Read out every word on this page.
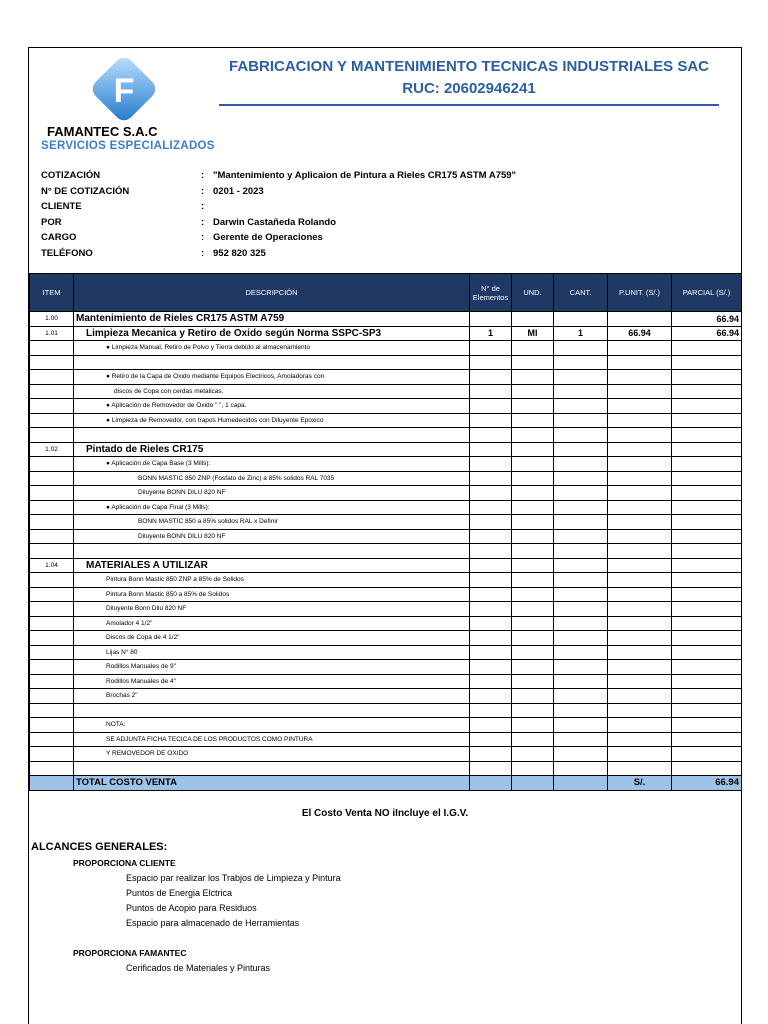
F
FAMANTEC S.A.C
SERVICIOS ESPECIALIZADOS
FABRICACION Y MANTENIMIENTO TECNICAS INDUSTRIALES SAC
RUC: 20602946241
COTIZACIÓN	: "Mantenimiento y Aplicaion de Pintura a Rieles CR175 ASTM A759"
N° DE COTIZACIÓN	: 0201 - 2023
CLIENTE	:
POR	: Darwin Castañeda Rolando
CARGO	: Gerente de Operaciones
TELÉFONO	: 952 820 325
ITEM	DESCRIPCIÓN	N° de Elementos	UND.	CANT.	P.UNIT. (S/.)	PARCIAL (S/.)
1.00	Mantenimiento de Rieles CR175 ASTM A759					66.94
1.01	Limpieza Mecanica y Retiro de Oxido según Norma SSPC-SP3	1	Ml	1	66.94	66.94
	● Limpieza Manual, Retiro de Polvo y Tierra debido al almacenamiento					

	● Retiro de la Capa de Oxido mediante Equipos Electricos, Amoladoras con					
	discos de Copa con cerdas metalicas.					
	● Aplicación de Removedor de Oxido " ", 1 capa.					
	● Limpieza de Removedor, con trapos Humedecidos con Diluyente Epoxico					

1.02	Pintado de Rieles CR175					
	● Aplicación de Capa Base (3 Mills):					
	BONN MASTIC 850 ZNP (Fosfato de Zinc) a 85% solidos RAL 7035					
	Diluyente BONN DILU 820 NF					
	● Aplicación de Capa Final (3 Mills):					
	BONN MASTIC 850 a 85% solidos RAL x Definir					
	Diluyente BONN DILU 820 NF					

1.04	MATERIALES A UTILIZAR					
	Pintura Bonn Mastic 850 ZNP a 85% de Solidos					
	Pintura Bonn Mastic 850 a 85% de Solidos					
	Diluyente Bonn Dilu 820 NF					
	Amolador 4 1/2"					
	Discos de Copa de 4 1/2"					
	Lijas N° 80					
	Rodillos Manuales de 9"					
	Rodillos Manuales de 4"					
	Brochas 2"					

	NOTA:					
	SE ADJUNTA FICHA TECICA DE LOS PRODUCTOS COMO PINTURA					
	Y REMOVEDOR DE OXIDO					

	TOTAL COSTO VENTA				S/.	66.94
El Costo Venta NO iIncluye el I.G.V.
ALCANCES GENERALES:
PROPORCIONA CLIENTE
Espacio par realizar los Trabjos de Limpieza y Pintura
Puntos de Energia Elctrica
Puntos de Acopio para Residuos
Espacio para almacenado de Herramientas
PROPORCIONA FAMANTEC
Cerificados de Materiales y Pinturas
